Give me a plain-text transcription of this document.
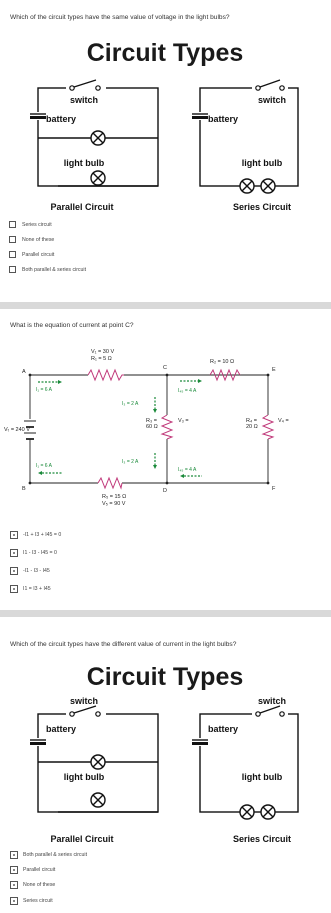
Which of the circuit types have the same value of voltage in the light bulbs?
Circuit Types
switch
battery
light bulb
Parallel Circuit
switch
battery
light bulb
Series Circuit
Series circuit
None of these
Parallel circuit
Both parallel & series circuit
What is the equation of current at point C?
A
B
C
D
E
F
V₁ = 30 V
R₁ = 5 Ω	R₂ = 10 Ω
R₃ =
60 Ω
R₄ =
20 Ω
R₅ = 15 Ω
V₅ = 90 V
Vₜ = 240 V
V₃ =	V₄ =
I₁ = 6 A
I₁ = 6 A
I₃ = 2 A
I₃ = 2 A
I₄₅ = 4 A
I₄₅ = 4 A
-I1 + I3 + I45 = 0
I1 - I3 - I45 = 0
-I1 - I3 - I45
I1 = I3 + I45
Which of the circuit types have the different value of current in the light bulbs?
Circuit Types
switch
battery
light bulb
Parallel Circuit
switch
battery
light bulb
Series Circuit
Both parallel & series circuit
Parallel circuit
None of these
Series circuit
